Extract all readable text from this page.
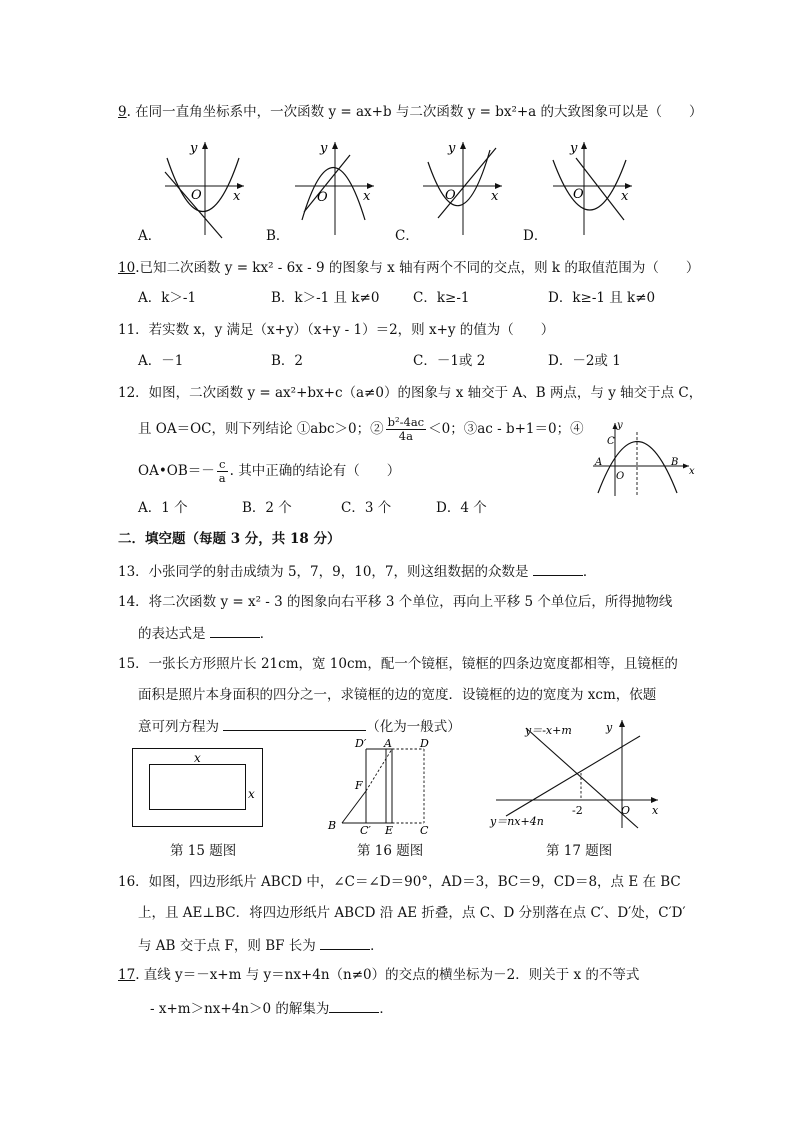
9. 在同一直角坐标系中，一次函数 y = ax+b 与二次函数 y = bx²+a 的大致图象可以是（　　）
O
y
x	O
y
x	O
y
x	O
y
x
A．	B．	C．	D．
10.已知二次函数 y = kx² - 6x - 9 的图象与 x 轴有两个不同的交点，则 k 的取值范围为（　　）
A．k＞-1	B．k＞-1 且 k≠0 C．k≥-1	D．k≥-1 且 k≠0
11．若实数 x，y 满足（x+y）（x+y - 1）＝2，则 x+y 的值为（　　）
A．－1	B．2	C．－1或 2	D．－2或 1
12．如图，二次函数 y = ax²+bx+c（a≠0）的图象与 x 轴交于 A、B 两点，与 y 轴交于点 C，
且 OA＝OC，则下列结论 ①abc＞0；② $\frac{\text{b²-4ac}}{4a} <0$；③ac - b+1＝0；④
OA•OB＝－ $\frac{c}{a}$ . 其中正确的结论有（　　）
y
x
C
A	B
O
A．1 个	B．2 个	C．3 个	D．4 个
二．填空题（每题 3 分，共 18 分）
13．小张同学的射击成绩为 5，7，9，10，7，则这组数据的众数是	．
14．将二次函数 y = x² - 3 的图象向右平移 3 个单位，再向上平移 5 个单位后，所得抛物线
的表达式是	．
15．一张长方形照片长 21cm，宽 10cm，配一个镜框，镜框的四条边宽度都相等，且镜框的
面积是照片本身面积的四分之一，求镜框的边的宽度．设镜框的边的宽度为 xcm，依题
意可列方程为	（化为一般式）
x
x
第 15 题图
D′ A	D
F
B C′ E C
第 16 题图
y＝-x+m
y＝nx+4n
y
x
O
-2
第 17 题图
16．如图，四边形纸片 ABCD 中，∠C＝∠D＝90°，AD＝3，BC＝9，CD＝8，点 E 在 BC
上，且 AE⊥BC．将四边形纸片 ABCD 沿 AE 折叠，点 C、D 分别落在点 C′、D′处，C′D′
与 AB 交于点 F，则 BF 长为	．
17. 直线 y＝－x+m 与 y＝nx+4n（n≠0）的交点的横坐标为－2．则关于 x 的不等式
- x+m＞nx+4n＞0 的解集为	．
